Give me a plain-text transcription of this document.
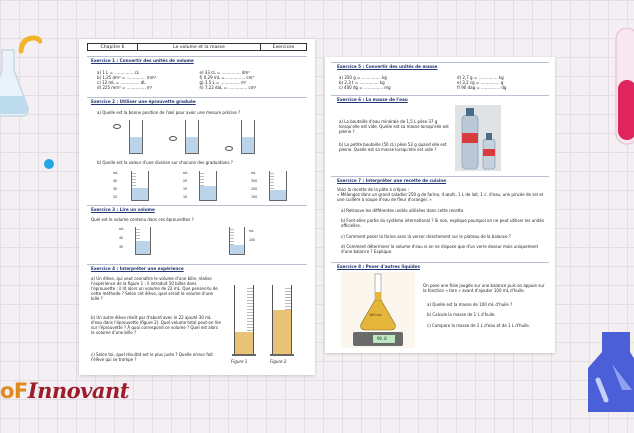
oFInnovant
Chapitre 6	Le volume et la masse	Exercices
Exercice 1 : Convertir des unités de volume
a) 1 L = ............... cL
b) 1,25 dm³ = ............... mm³
c) 12 mL = ............... dL
d) 225 mm³ = ............... m³
e) 33 cL = ............... dm³
f) 0,29 mL = ............... cm³
g) 3,5 L = ............... m³
h) 7,22 daL = ............... cm³
Exercice 2 : Utiliser une éprouvette graduée
a) Quelle est la bonne position de l'œil pour avoir une mesure précise ?
b) Quelle est la valeur d'une division sur chacune des graduations ?
mL
40
30
20
mL
20
15
10
mL
300
200
100
Exercice 3 : Lire un volume
Quel est le volume contenu dans ces éprouvettes ?
mL
40
30
mL
100
Exercice 4 : Interpréter une expérience
a) Un élève, qui veut connaître le volume d'une bille, réalise l'expérience de la figure 1 : il introduit 50 billes dans l'éprouvette ; il lit alors un volume de 22 mL. Que penses-tu de cette méthode ? Selon cet élève, quel serait le volume d'une bille ?
b) Un autre élève réalit par d'abord avec le 22 ajouté 30 mL d'eau dans l'éprouvette (figure 2). Quel volume total peut-on lire sur l'éprouvette ? À quoi correspond ce volume ? Quel est alors le volume d'une bille ?
c) Selon toi, quel résultat est le plus juste ? Quelle erreur fait l'élève qui se trompe ?	Figure 1	Figure 2
Exercice 5 : Convertir des unités de masse
a) 350 g = ............... kg
b) 2,3 t = ............... kg
c) 400 dg = ............... mg
d) 2,7 g = ............... kg
e) 3,2 cg = ............... g
f) 90 dag = ............... dg
Exercice 6 : La masse de l'eau
a) La bouteille d'eau minérale de 1,5 L pèse 37 g lorsqu'elle est vide. Quelle est sa masse lorsqu'elle est pleine ?
b) La petite bouteille (50 cL) pèse 52 g quand elle est pleine. Quelle est sa masse lorsqu'elle est vide ?
Exercice 7 : Interpréter une recette de cuisine
Voici la recette de la pâte à crêpes :
« Mélangez dans un grand saladier 250 g de farine, 4 œufs, 1 L de lait, 1 c. d'eau, une pincée de sel et une cuillère à soupe d'eau de fleur d'oranger. »
a) Retrouve les différentes unités utilisées dans cette recette.
b) Font-elles partie du système international ? Si non, explique pourquoi on ne peut utiliser les unités officielles.
c) Comment peser la farine sans la verser directement sur le plateau de la balance ?
d) Comment déterminer le volume d'eau si on ne dispose que d'un verre doseur mais uniquement d'une balance ? Explique.
Exercice 8 : Peser d'autres liquides
100 mL
90.0
On pose une fiole jaugée sur une balance puis on appuie sur la fonction « tare » avant d'ajouter 100 mL d'huile.
a) Quelle est la masse de 100 mL d'huile ?
b) Calcule la masse de 1 L d'huile.
c) Compare la masse de 1 L d'eau et de 1 L d'huile.
